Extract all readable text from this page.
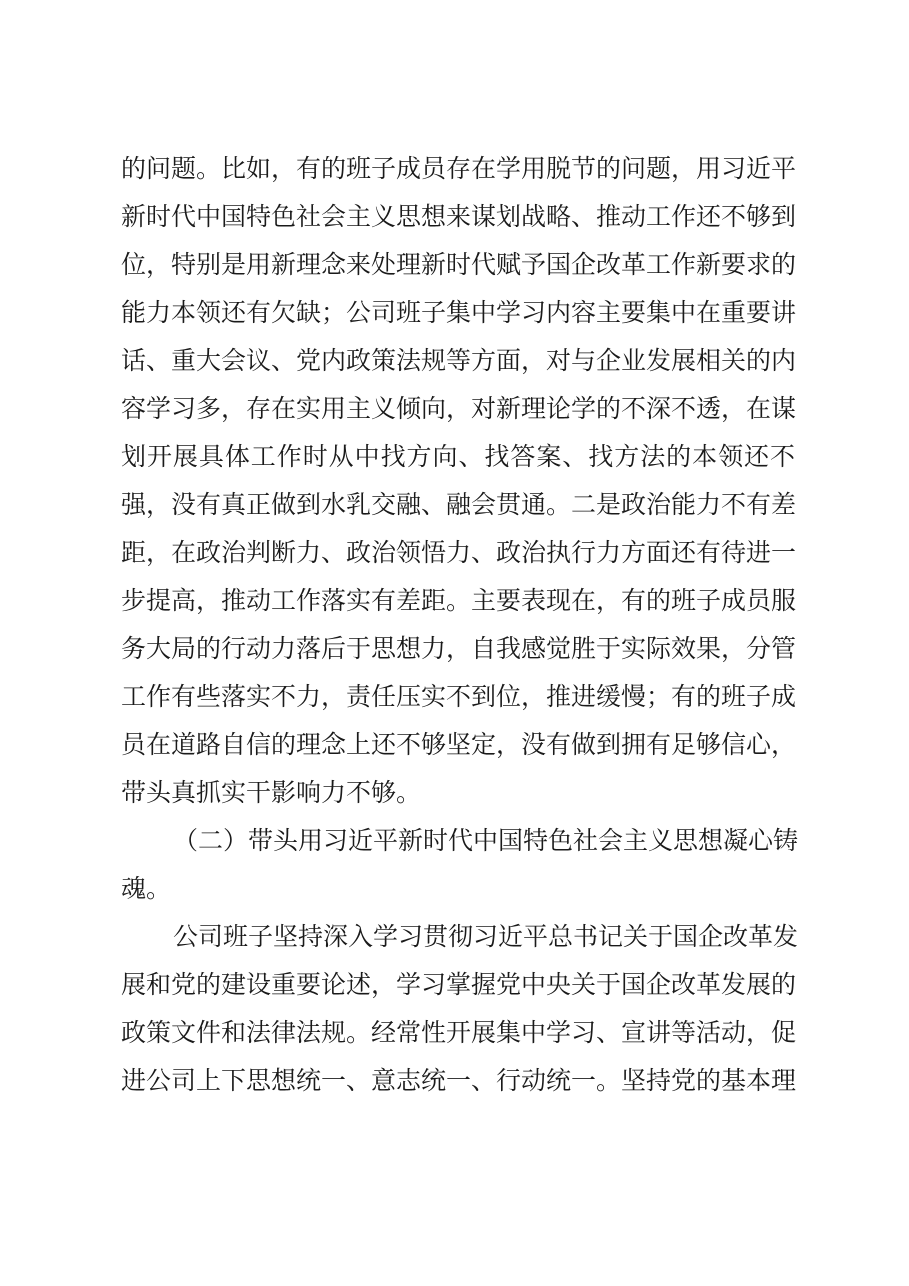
的问题。比如，有的班子成员存在学用脱节的问题，用习近平
新时代中国特色社会主义思想来谋划战略、推动工作还不够到
位，特别是用新理念来处理新时代赋予国企改革工作新要求的
能力本领还有欠缺；公司班子集中学习内容主要集中在重要讲
话、重大会议、党内政策法规等方面，对与企业发展相关的内
容学习多，存在实用主义倾向，对新理论学的不深不透，在谋
划开展具体工作时从中找方向、找答案、找方法的本领还不
强，没有真正做到水乳交融、融会贯通。二是政治能力不有差
距，在政治判断力、政治领悟力、政治执行力方面还有待进一
步提高，推动工作落实有差距。主要表现在，有的班子成员服
务大局的行动力落后于思想力，自我感觉胜于实际效果，分管
工作有些落实不力，责任压实不到位，推进缓慢；有的班子成
员在道路自信的理念上还不够坚定，没有做到拥有足够信心，
带头真抓实干影响力不够。

（二）带头用习近平新时代中国特色社会主义思想凝心铸
魂。

公司班子坚持深入学习贯彻习近平总书记关于国企改革发
展和党的建设重要论述，学习掌握党中央关于国企改革发展的
政策文件和法律法规。经常性开展集中学习、宣讲等活动，促
进公司上下思想统一、意志统一、行动统一。坚持党的基本理
